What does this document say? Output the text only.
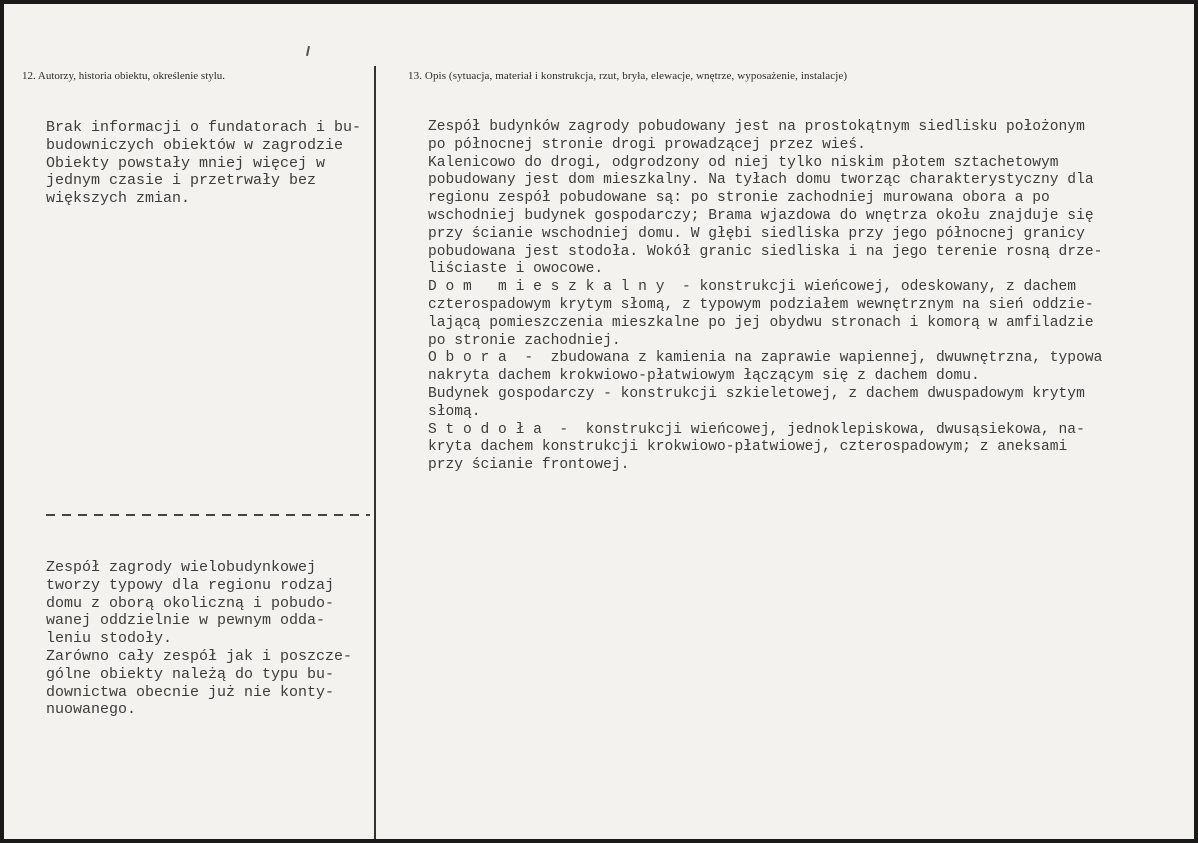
12. Autorzy, historia obiektu, określenie stylu.	13. Opis (sytuacja, materiał i konstrukcja, rzut, bryła, elewacje, wnętrze, wyposażenie, instalacje)
Brak informacji o fundatorach i bu-
budowniczych obiektów w zagrodzie
Obiekty powstały mniej więcej w
jednym czasie i przetrwały bez
większych zmian.
Zespół zagrody wielobudynkowej
tworzy typowy dla regionu rodzaj
domu z oborą okoliczną i pobudo-
wanej oddzielnie w pewnym odda-
leniu stodoły.
Zarówno cały zespół jak i poszcze-
gólne obiekty należą do typu bu-
downictwa obecnie już nie konty-
nuowanego.
Zespół budynków zagrody pobudowany jest na prostokątnym siedlisku położonym
po północnej stronie drogi prowadzącej przez wieś.
Kalenicowo do drogi, odgrodzony od niej tylko niskim płotem sztachetowym
pobudowany jest dom mieszkalny. Na tyłach domu tworząc charakterystyczny dla
regionu zespół pobudowane są: po stronie zachodniej murowana obora a po
wschodniej budynek gospodarczy; Brama wjazdowa do wnętrza okołu znajduje się
przy ścianie wschodniej domu. W głębi siedliska przy jego północnej granicy
pobudowana jest stodoła. Wokół granic siedliska i na jego terenie rosną drze-
liściaste i owocowe.
D o m   m i e s z k a l n y  - konstrukcji wieńcowej, odeskowany, z dachem
czterospadowym krytym słomą, z typowym podziałem wewnętrznym na sień oddzie-
lającą pomieszczenia mieszkalne po jej obydwu stronach i komorą w amfiladzie
po stronie zachodniej.
O b o r a  -  zbudowana z kamienia na zaprawie wapiennej, dwuwnętrzna, typowa
nakryta dachem krokwiowo-płatwiowym łączącym się z dachem domu.
Budynek gospodarczy - konstrukcji szkieletowej, z dachem dwuspadowym krytym
słomą.
S t o d o ł a  -  konstrukcji wieńcowej, jednoklepiskowa, dwusąsiekowa, na-
kryta dachem konstrukcji krokwiowo-płatwiowej, czterospadowym; z aneksami
przy ścianie frontowej.
